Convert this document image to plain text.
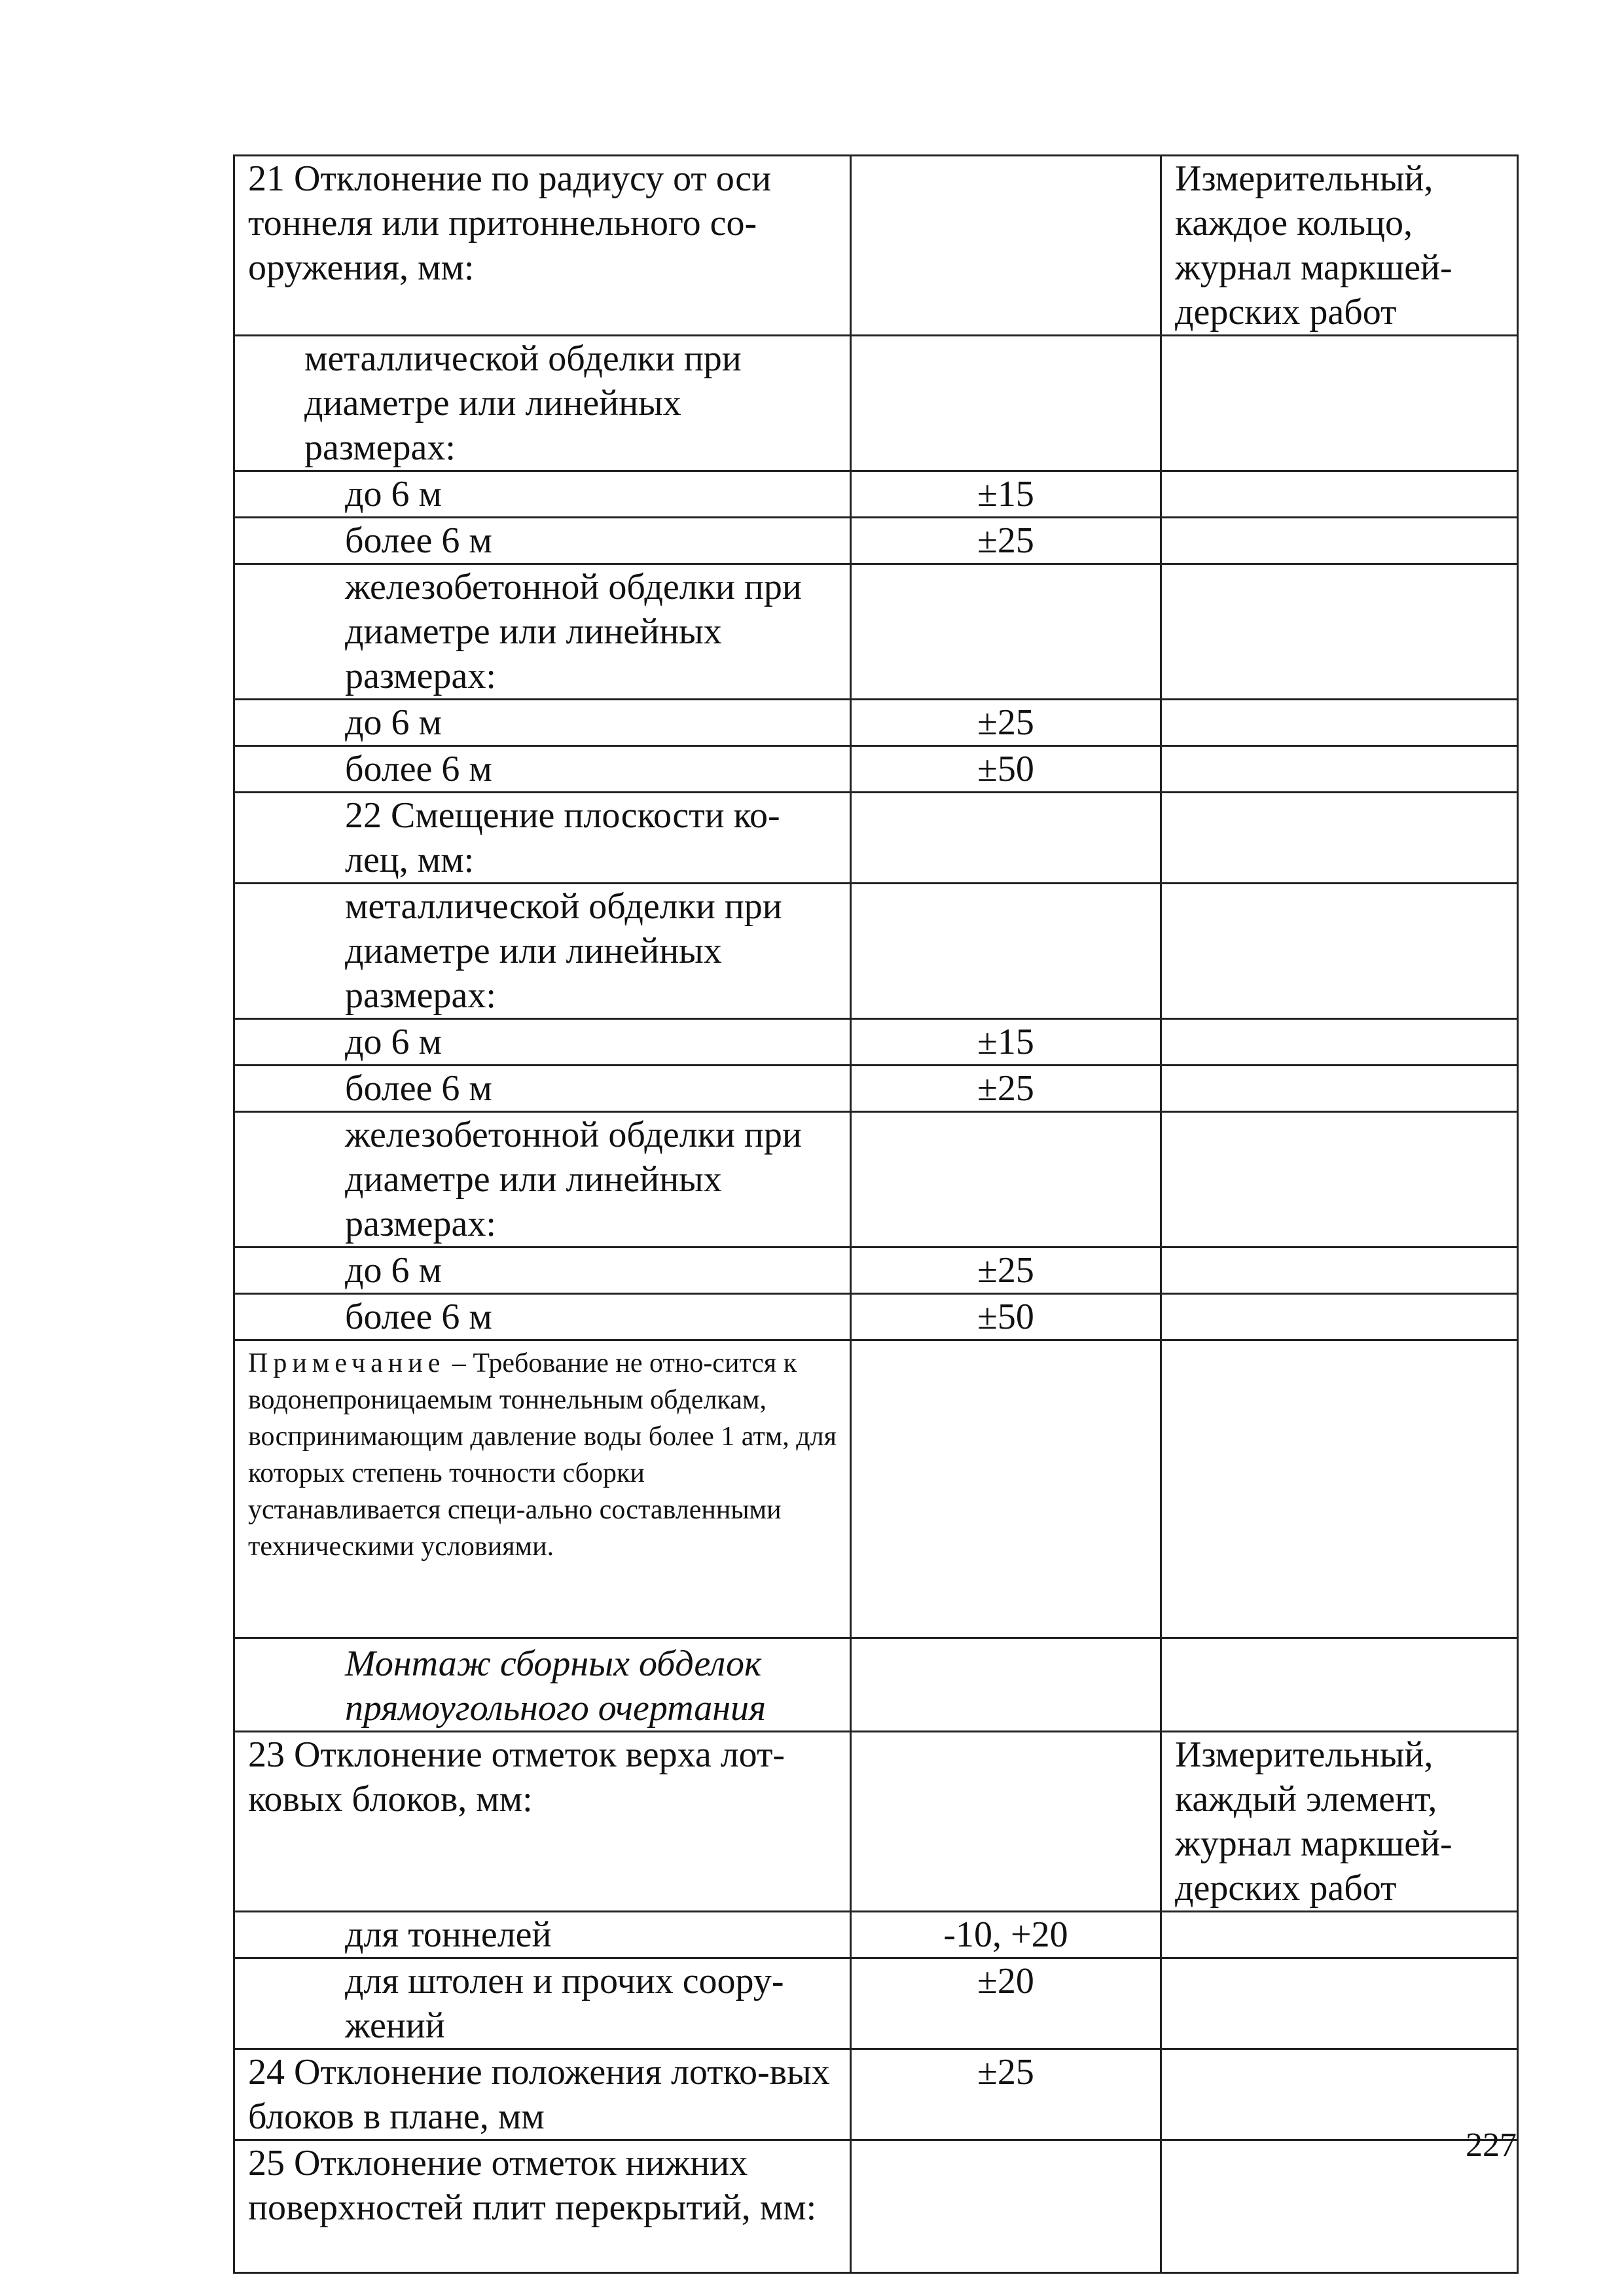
21 Отклонение по радиусу от оси тоннеля или притоннельного со-оружения, мм:		Измерительный, каждое кольцо, журнал маркшей-дерских работ
металлической обделки при диаметре или линейных размерах:		
до 6 м	±15	
более 6 м	±25	
железобетонной обделки при диаметре или линейных размерах:		
до 6 м	±25	
более 6 м	±50	
22 Смещение плоскости ко-лец, мм:		
металлической обделки при диаметре или линейных размерах:		
до 6 м	±15	
более 6 м	±25	
железобетонной обделки при диаметре или линейных размерах:		
до 6 м	±25	
более 6 м	±50	
Примечание – Требование не отно-сится к водонепроницаемым тоннельным обделкам, воспринимающим давление воды более 1 атм, для которых степень точности сборки устанавливается специ-ально составленными техническими условиями.		
Монтаж сборных обделок прямоугольного очертания		
23 Отклонение отметок верха лот-ковых блоков, мм:		Измерительный, каждый элемент, журнал маркшей-дерских работ
для тоннелей	-10, +20	
для штолен и прочих соору-жений	±20	
24 Отклонение положения лотко-вых блоков в плане, мм	±25	
25 Отклонение отметок нижних поверхностей плит перекрытий, мм:		
227
